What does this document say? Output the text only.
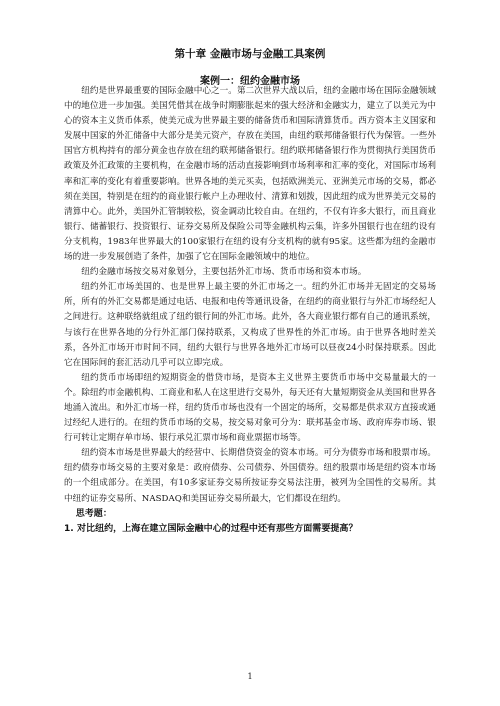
第十章 金融市场与金融工具案例
案例一：纽约金融市场

纽约是世界最重要的国际金融中心之一。第二次世界大战以后，纽约金融市场在国际金融领域中的地位进一步加强。美国凭借其在战争时期膨胀起来的强大经济和金融实力，建立了以美元为中心的资本主义货币体系，使美元成为世界最主要的储备货币和国际清算货币。西方资本主义国家和发展中国家的外汇储备中大部分是美元资产，存放在美国，由纽约联邦储备银行代为保管。一些外国官方机构持有的部分黄金也存放在纽约联邦储备银行。纽约联邦储备银行作为贯彻执行美国货币政策及外汇政策的主要机构，在金融市场的活动直接影响到市场利率和汇率的变化，对国际市场利率和汇率的变化有着重要影响。世界各地的美元买卖，包括欧洲美元、亚洲美元市场的交易，都必须在美国，特别是在纽约的商业银行帐户上办理收付、清算和划拨，因此纽约成为世界美元交易的清算中心。此外，美国外汇管制较松，资金调动比较自由。在纽约，不仅有许多大银行，而且商业银行、储蓄银行、投资银行、证券交易所及保险公司等金融机构云集，许多外国银行也在纽约设有分支机构，1983年世界最大的100家银行在纽约设有分支机构的就有95家。这些都为纽约金融市场的进一步发展创造了条件，加强了它在国际金融领域中的地位。

纽约金融市场按交易对象划分，主要包括外汇市场、货币市场和资本市场。

纽约外汇市场美国的、也是世界上最主要的外汇市场之一。纽约外汇市场并无固定的交易场所，所有的外汇交易都是通过电话、电报和电传等通讯设备，在纽约的商业银行与外汇市场经纪人之间进行。这种联络就组成了纽约银行间的外汇市场。此外，各大商业银行都有自己的通讯系统，与该行在世界各地的分行外汇部门保持联系，又构成了世界性的外汇市场。由于世界各地时差关系，各外汇市场开市时间不同，纽约大银行与世界各地外汇市场可以昼夜24小时保持联系。因此它在国际间的套汇活动几乎可以立即完成。

纽约货币市场即纽约短期资金的借贷市场，是资本主义世界主要货币市场中交易量最大的一个。除纽约市金融机构、工商业和私人在这里进行交易外，每天还有大量短期资金从美国和世界各地涌入流出。和外汇市场一样，纽约货币市场也没有一个固定的场所，交易都是供求双方直接或通过经纪人进行的。在纽约货币市场的交易，按交易对象可分为：联邦基金市场、政府库券市场、银行可转让定期存单市场、银行承兑汇票市场和商业票据市场等。

纽约资本市场是世界最大的经营中、长期借贷资金的资本市场。可分为债券市场和股票市场。纽约债券市场交易的主要对象是：政府债券、公司债券、外国债券。纽约股票市场是纽约资本市场的一个组成部分。在美国，有10多家证券交易所按证券交易法注册，被列为全国性的交易所。其中纽约证券交易所、NASDAQ和美国证券交易所最大，它们都设在纽约。

思考题：
1. 对比纽约，上海在建立国际金融中心的过程中还有那些方面需要提高？
1
